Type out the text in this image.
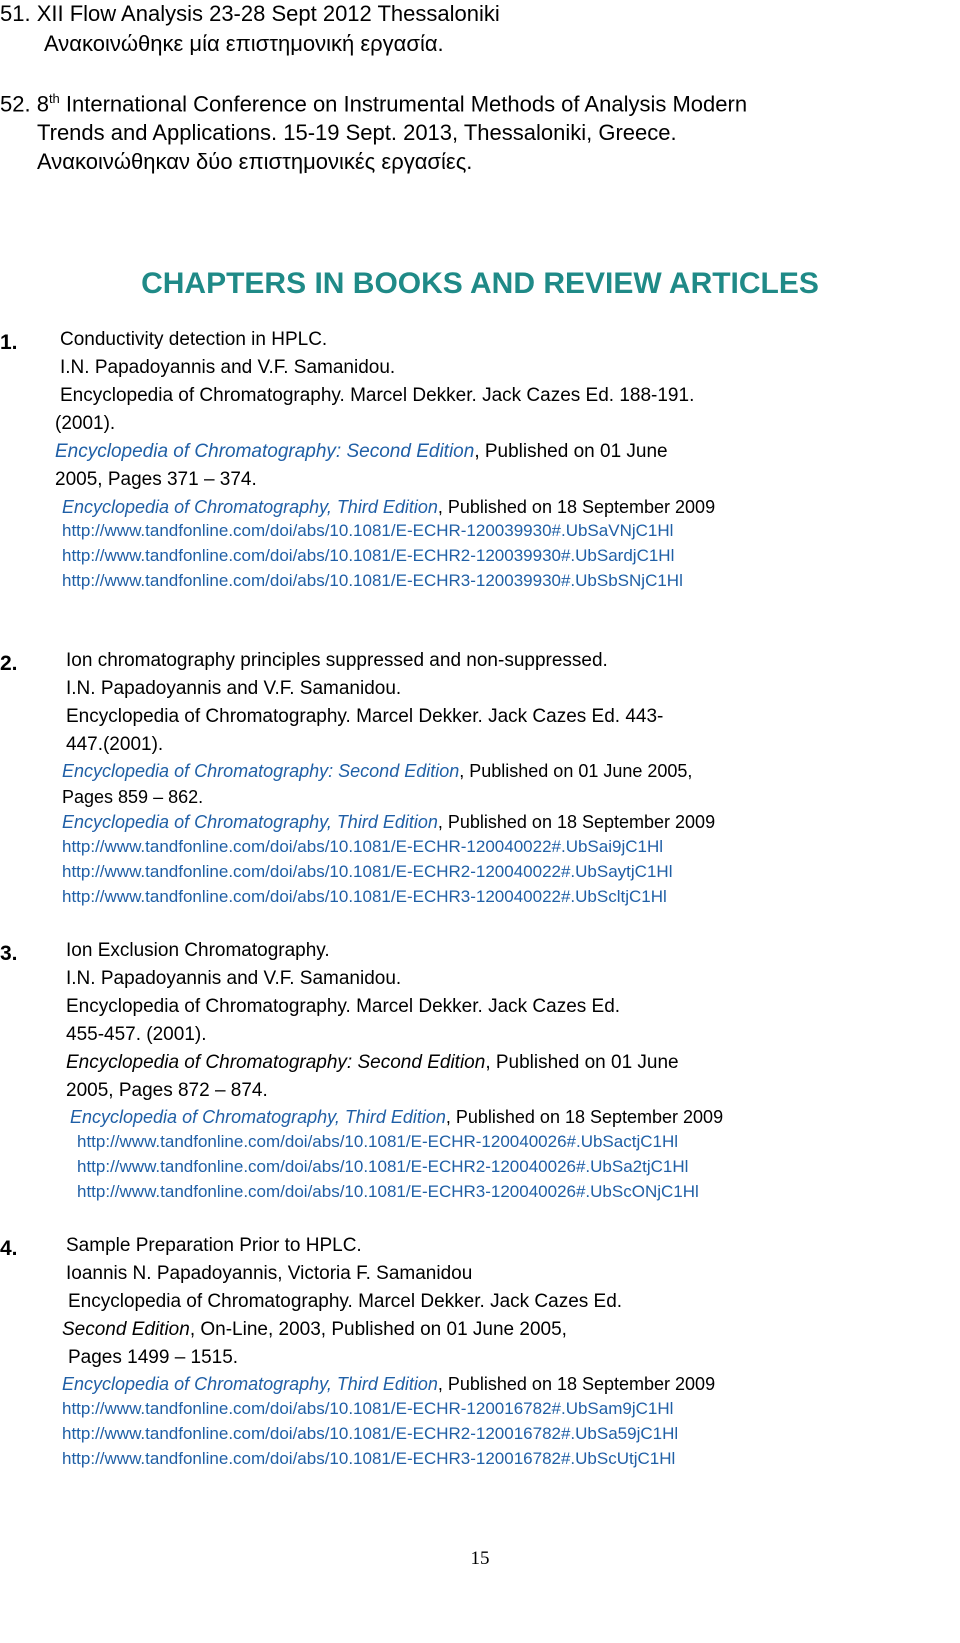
51. XII Flow Analysis 23-28 Sept 2012 Thessaloniki
Ανακοινώθηκε μία επιστημονική εργασία.
52. 8th International Conference on Instrumental Methods of Analysis Modern
Trends and Applications. 15-19 Sept. 2013, Thessaloniki, Greece.
Ανακοινώθηκαν δύο επιστημονικές εργασίες.
CHAPTERS IN BOOKS AND REVIEW ARTICLES
1. Conductivity detection in HPLC.
I.N. Papadoyannis and V.F. Samanidou.
Encyclopedia of Chromatography. Marcel Dekker. Jack Cazes Ed. 188-191.
(2001).
Encyclopedia of Chromatography: Second Edition, Published on 01 June
2005, Pages 371 – 374.
Encyclopedia of Chromatography, Third Edition, Published on 18 September 2009
http://www.tandfonline.com/doi/abs/10.1081/E-ECHR-120039930#.UbSaVNjC1Hl
http://www.tandfonline.com/doi/abs/10.1081/E-ECHR2-120039930#.UbSardjC1Hl
http://www.tandfonline.com/doi/abs/10.1081/E-ECHR3-120039930#.UbSbSNjC1Hl
2.	Ion chromatography principles suppressed and non-suppressed.
I.N. Papadoyannis and V.F. Samanidou.
Encyclopedia of Chromatography. Marcel Dekker. Jack Cazes Ed. 443-
447.(2001).
Encyclopedia of Chromatography: Second Edition, Published on 01 June 2005,
Pages 859 – 862.
Encyclopedia of Chromatography, Third Edition, Published on 18 September 2009
http://www.tandfonline.com/doi/abs/10.1081/E-ECHR-120040022#.UbSai9jC1Hl
http://www.tandfonline.com/doi/abs/10.1081/E-ECHR2-120040022#.UbSaytjC1Hl
http://www.tandfonline.com/doi/abs/10.1081/E-ECHR3-120040022#.UbScltjC1Hl
3.	Ion Exclusion Chromatography.
I.N. Papadoyannis and V.F. Samanidou.
Encyclopedia of Chromatography. Marcel Dekker. Jack Cazes Ed.
455-457. (2001).
Encyclopedia of Chromatography: Second Edition, Published on 01 June
2005, Pages 872 – 874.
Encyclopedia of Chromatography, Third Edition, Published on 18 September 2009
http://www.tandfonline.com/doi/abs/10.1081/E-ECHR-120040026#.UbSactjC1Hl
http://www.tandfonline.com/doi/abs/10.1081/E-ECHR2-120040026#.UbSa2tjC1Hl
http://www.tandfonline.com/doi/abs/10.1081/E-ECHR3-120040026#.UbScONjC1Hl
4.	Sample Preparation Prior to HPLC.
Ioannis N. Papadoyannis, Victoria F. Samanidou
Encyclopedia of Chromatography. Marcel Dekker. Jack Cazes Ed.
Second Edition, On-Line, 2003, Published on 01 June 2005,
Pages 1499 – 1515.
Encyclopedia of Chromatography, Third Edition, Published on 18 September 2009
http://www.tandfonline.com/doi/abs/10.1081/E-ECHR-120016782#.UbSam9jC1Hl
http://www.tandfonline.com/doi/abs/10.1081/E-ECHR2-120016782#.UbSa59jC1Hl
http://www.tandfonline.com/doi/abs/10.1081/E-ECHR3-120016782#.UbScUtjC1Hl
15
